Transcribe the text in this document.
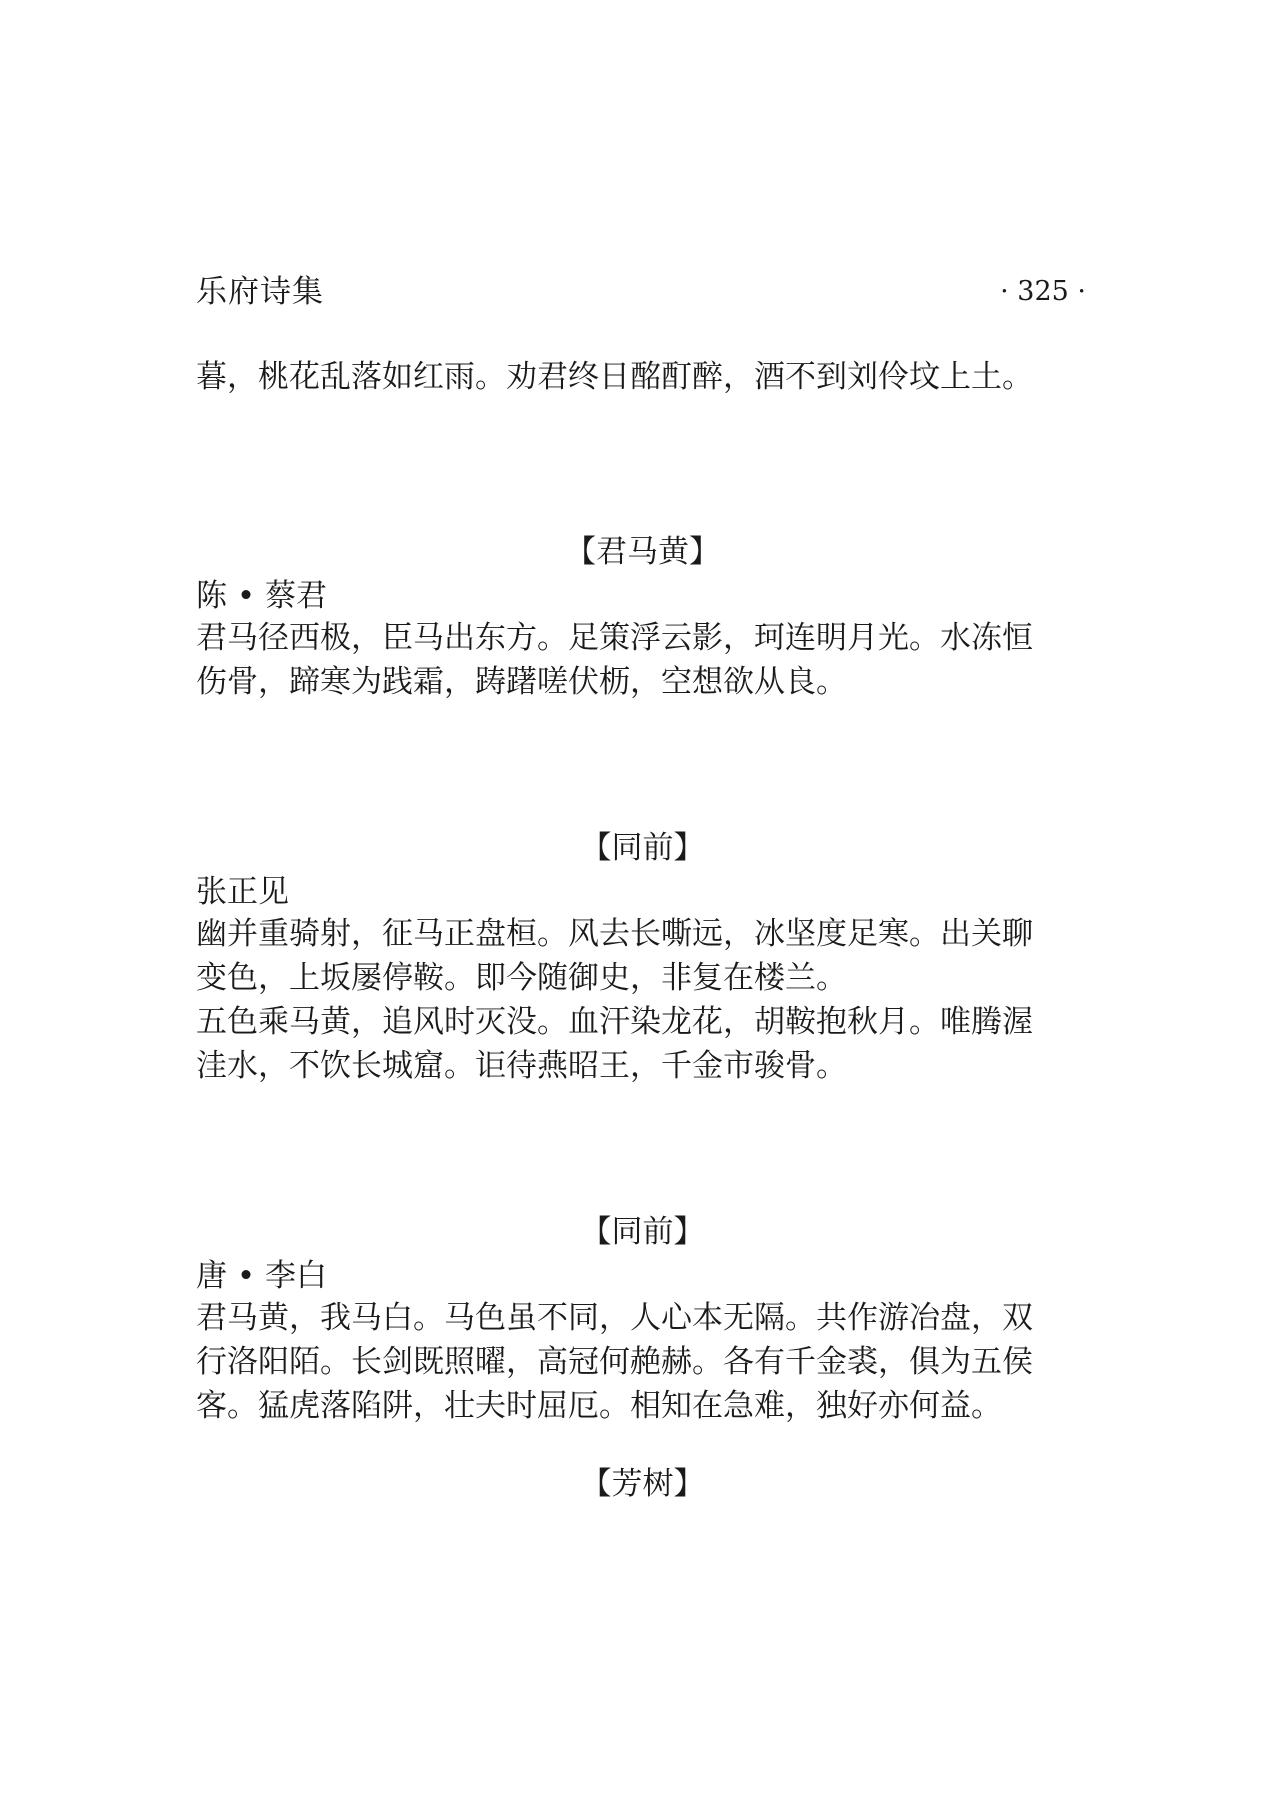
乐府诗集	· 325 ·

暮，桃花乱落如红雨。劝君终日酩酊醉，酒不到刘伶坟上土。

【君马黄】

陈 • 蔡君

君马径西极，臣马出东方。足策浮云影，珂连明月光。水冻恒
伤骨，蹄寒为践霜，踌躇嗟伏枥，空想欲从良。

【同前】

张正见

幽并重骑射，征马正盘桓。风去长嘶远，冰坚度足寒。出关聊
变色，上坂屡停鞍。即今随御史，非复在楼兰。
五色乘马黄，追风时灭没。血汗染龙花，胡鞍抱秋月。唯腾渥
洼水，不饮长城窟。讵待燕昭王，千金市骏骨。

【同前】

唐 • 李白

君马黄，我马白。马色虽不同，人心本无隔。共作游冶盘，双
行洛阳陌。长剑既照曜，高冠何赩赫。各有千金裘，俱为五侯
客。猛虎落陷阱，壮夫时屈厄。相知在急难，独好亦何益。

【芳树】
